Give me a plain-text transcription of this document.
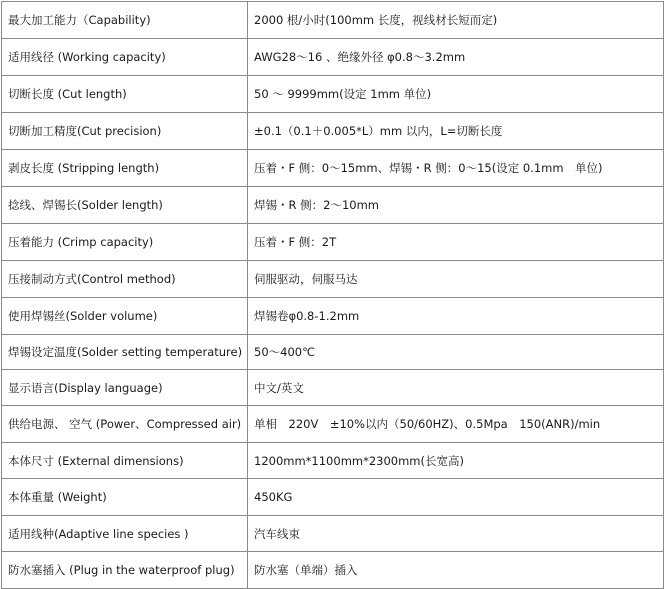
最大加工能力（Capability)	2000 根/小时(100mm 长度，视线材长短而定)
适用线径 (Working capacity)	AWG28～16 、绝缘外径 φ0.8～3.2mm
切断长度 (Cut length)	50 ～ 9999mm(设定 1mm 单位)
切断加工精度(Cut precision)	±0.1（0.1＋0.005*L）mm 以内，L=切断长度
剥皮长度 (Stripping length)	压着・F 侧：0～15mm、焊锡・R 侧：0～15(设定 0.1mm　单位)
捻线、焊锡长(Solder length)	焊锡・R 侧：2～10mm
压着能力 (Crimp capacity)	压着・F 侧：2T
压接制动方式(Control method)	伺服驱动，伺服马达
使用焊锡丝(Solder volume)	焊锡卷φ0.8-1.2mm
焊锡设定温度(Solder setting temperature)	50～400℃
显示语言(Display language)	中文/英文
供给电源、 空气 (Power、Compressed air)	单相　220V　±10%以内（50/60HZ)、0.5Mpa　150(ANR)/min
本体尺寸 (External dimensions)	1200mm*1100mm*2300mm(长宽高)
本体重量 (Weight)	450KG
适用线种(Adaptive line species )	汽车线束
防水塞插入 (Plug in the waterproof plug)	防水塞（单端）插入
